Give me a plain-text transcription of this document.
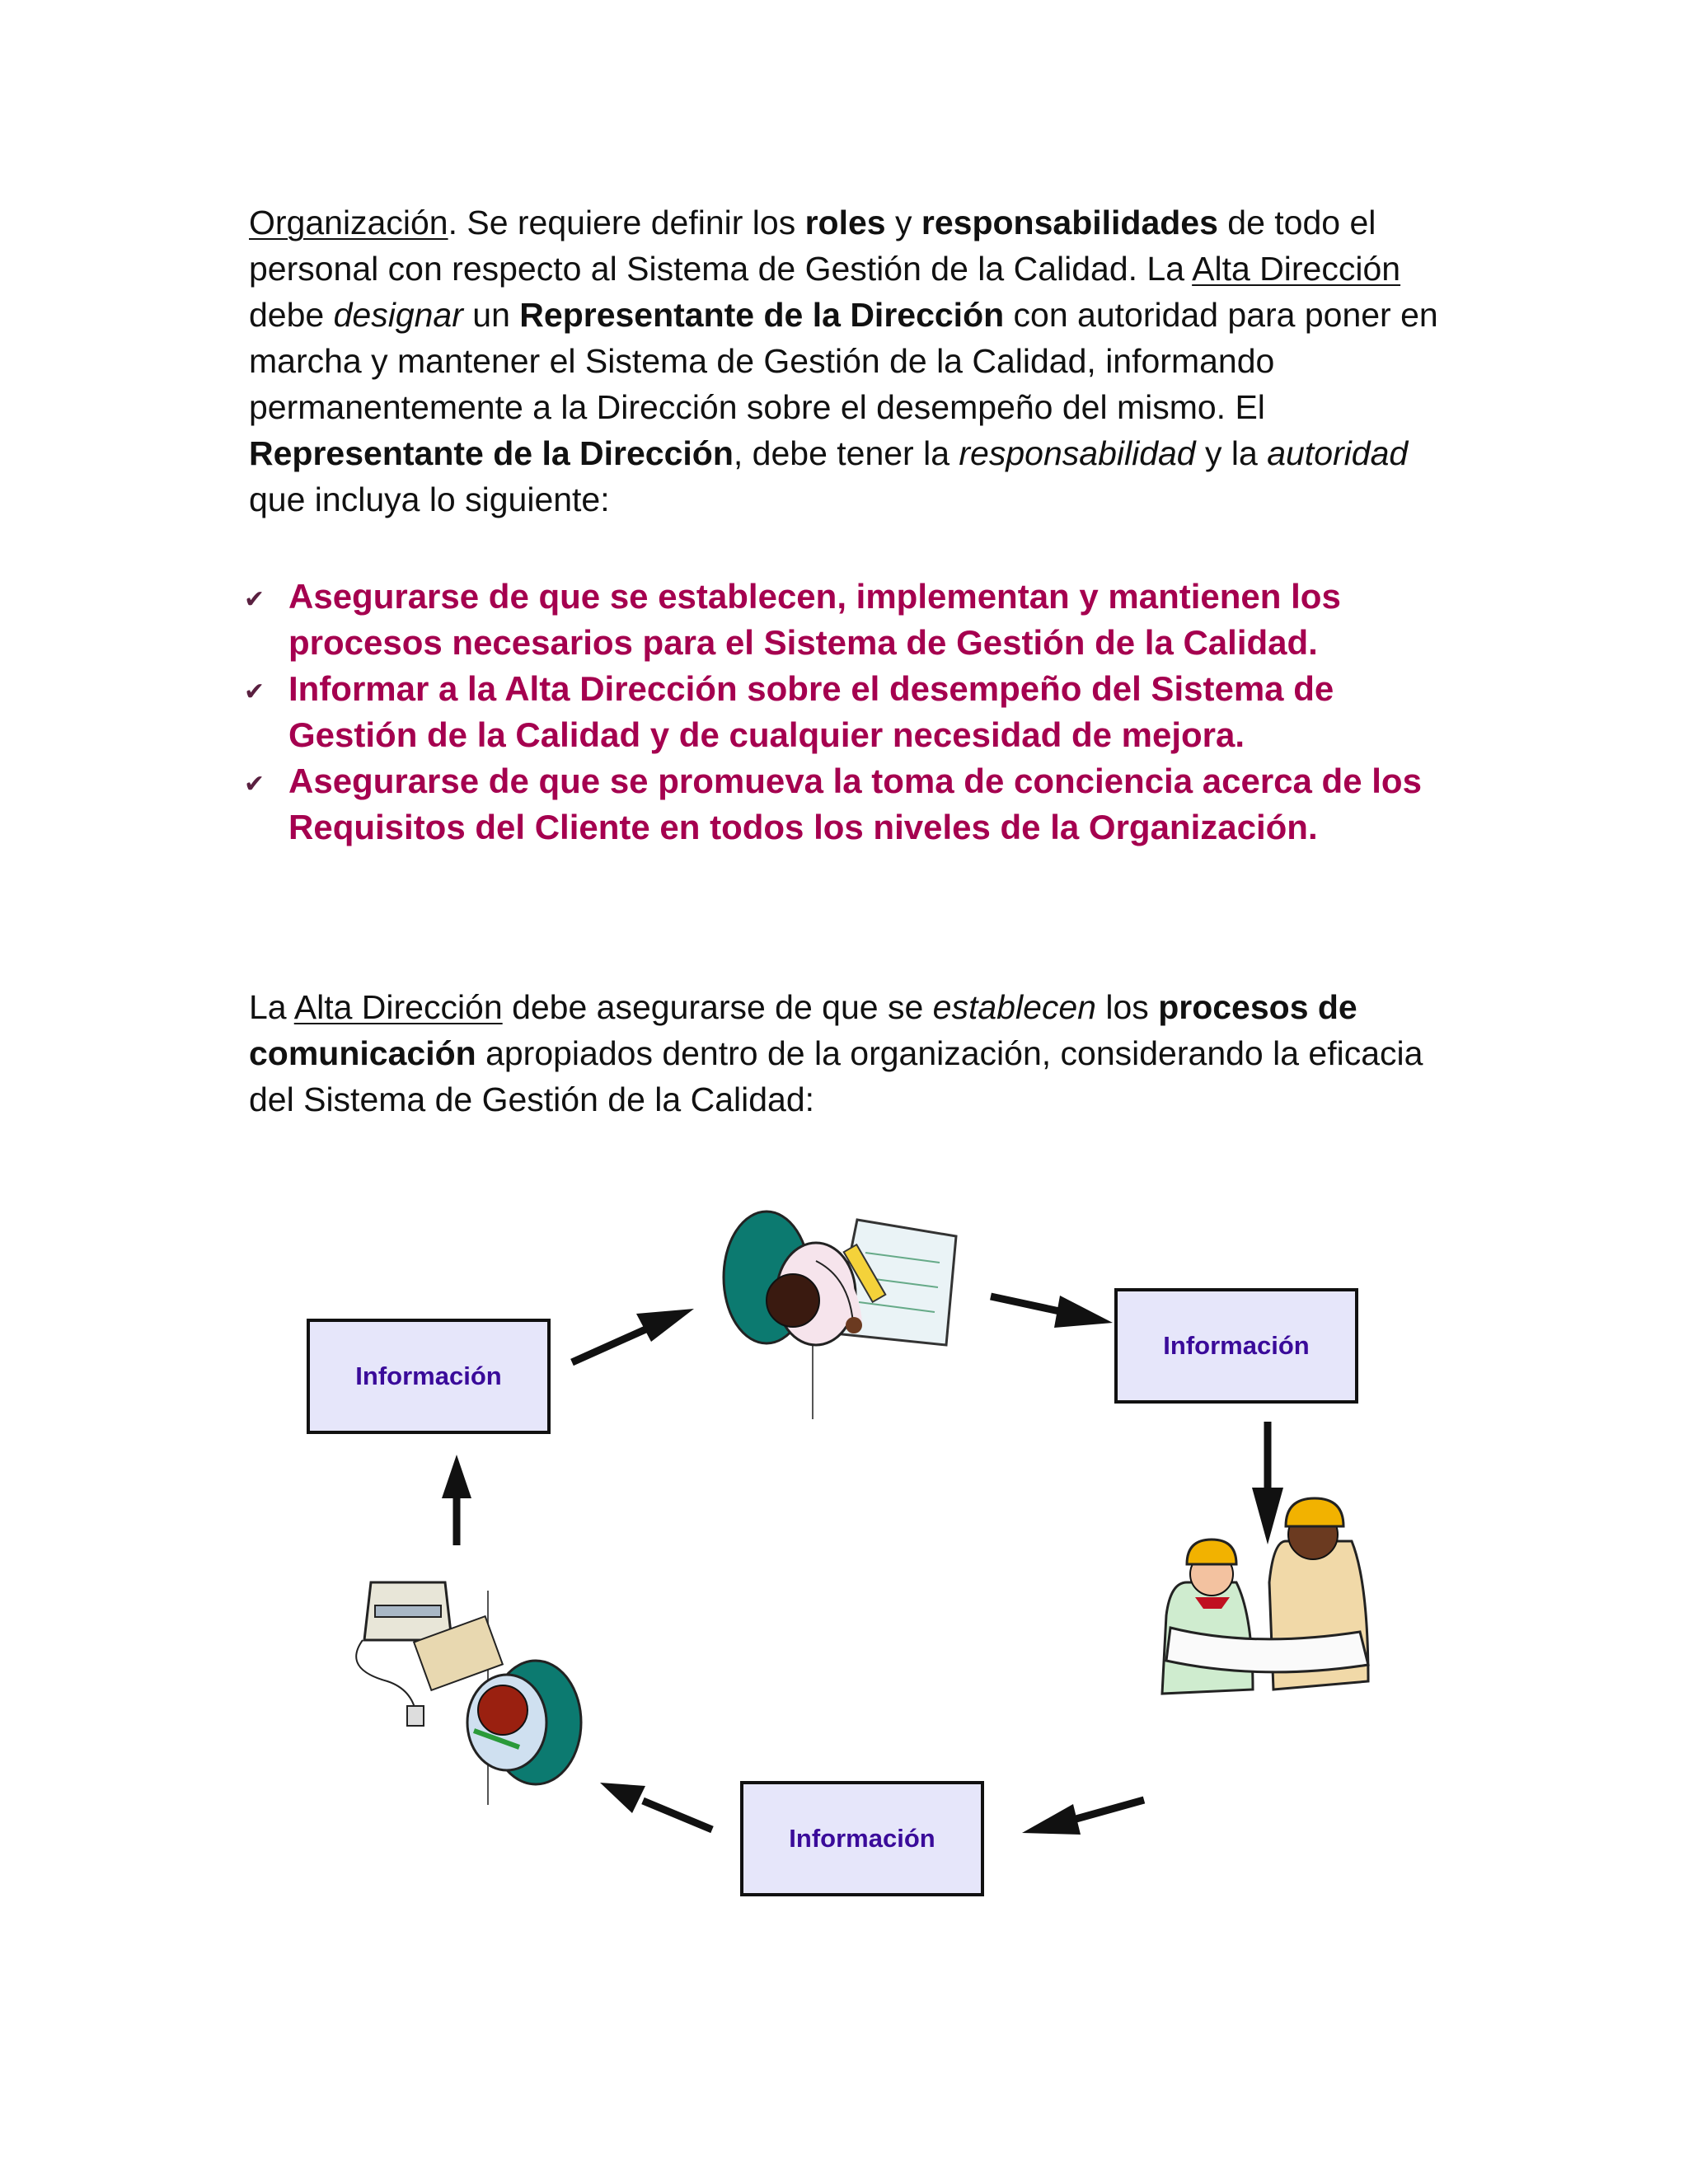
Organización. Se requiere definir los roles y responsabilidades de todo el personal con respecto al Sistema de Gestión de la Calidad. La Alta Dirección debe designar un Representante de la Dirección con autoridad para poner en marcha y mantener el Sistema de Gestión de la Calidad, informando permanentemente a la Dirección sobre el desempeño del mismo. El Representante de la Dirección, debe tener la responsabilidad y la autoridad que incluya lo siguiente:

✔ Asegurarse de que se establecen, implementan y mantienen los procesos necesarios para el Sistema de Gestión de la Calidad.
✔ Informar a la Alta Dirección sobre el desempeño del Sistema de Gestión de la Calidad y de cualquier necesidad de mejora.
✔ Asegurarse de que se promueva la toma de conciencia acerca de los Requisitos del Cliente en todos los niveles de la Organización.

La Alta Dirección debe asegurarse de que se establecen los procesos de comunicación apropiados dentro de la organización, considerando la eficacia del Sistema de Gestión de la Calidad:

Información
Información
Información
